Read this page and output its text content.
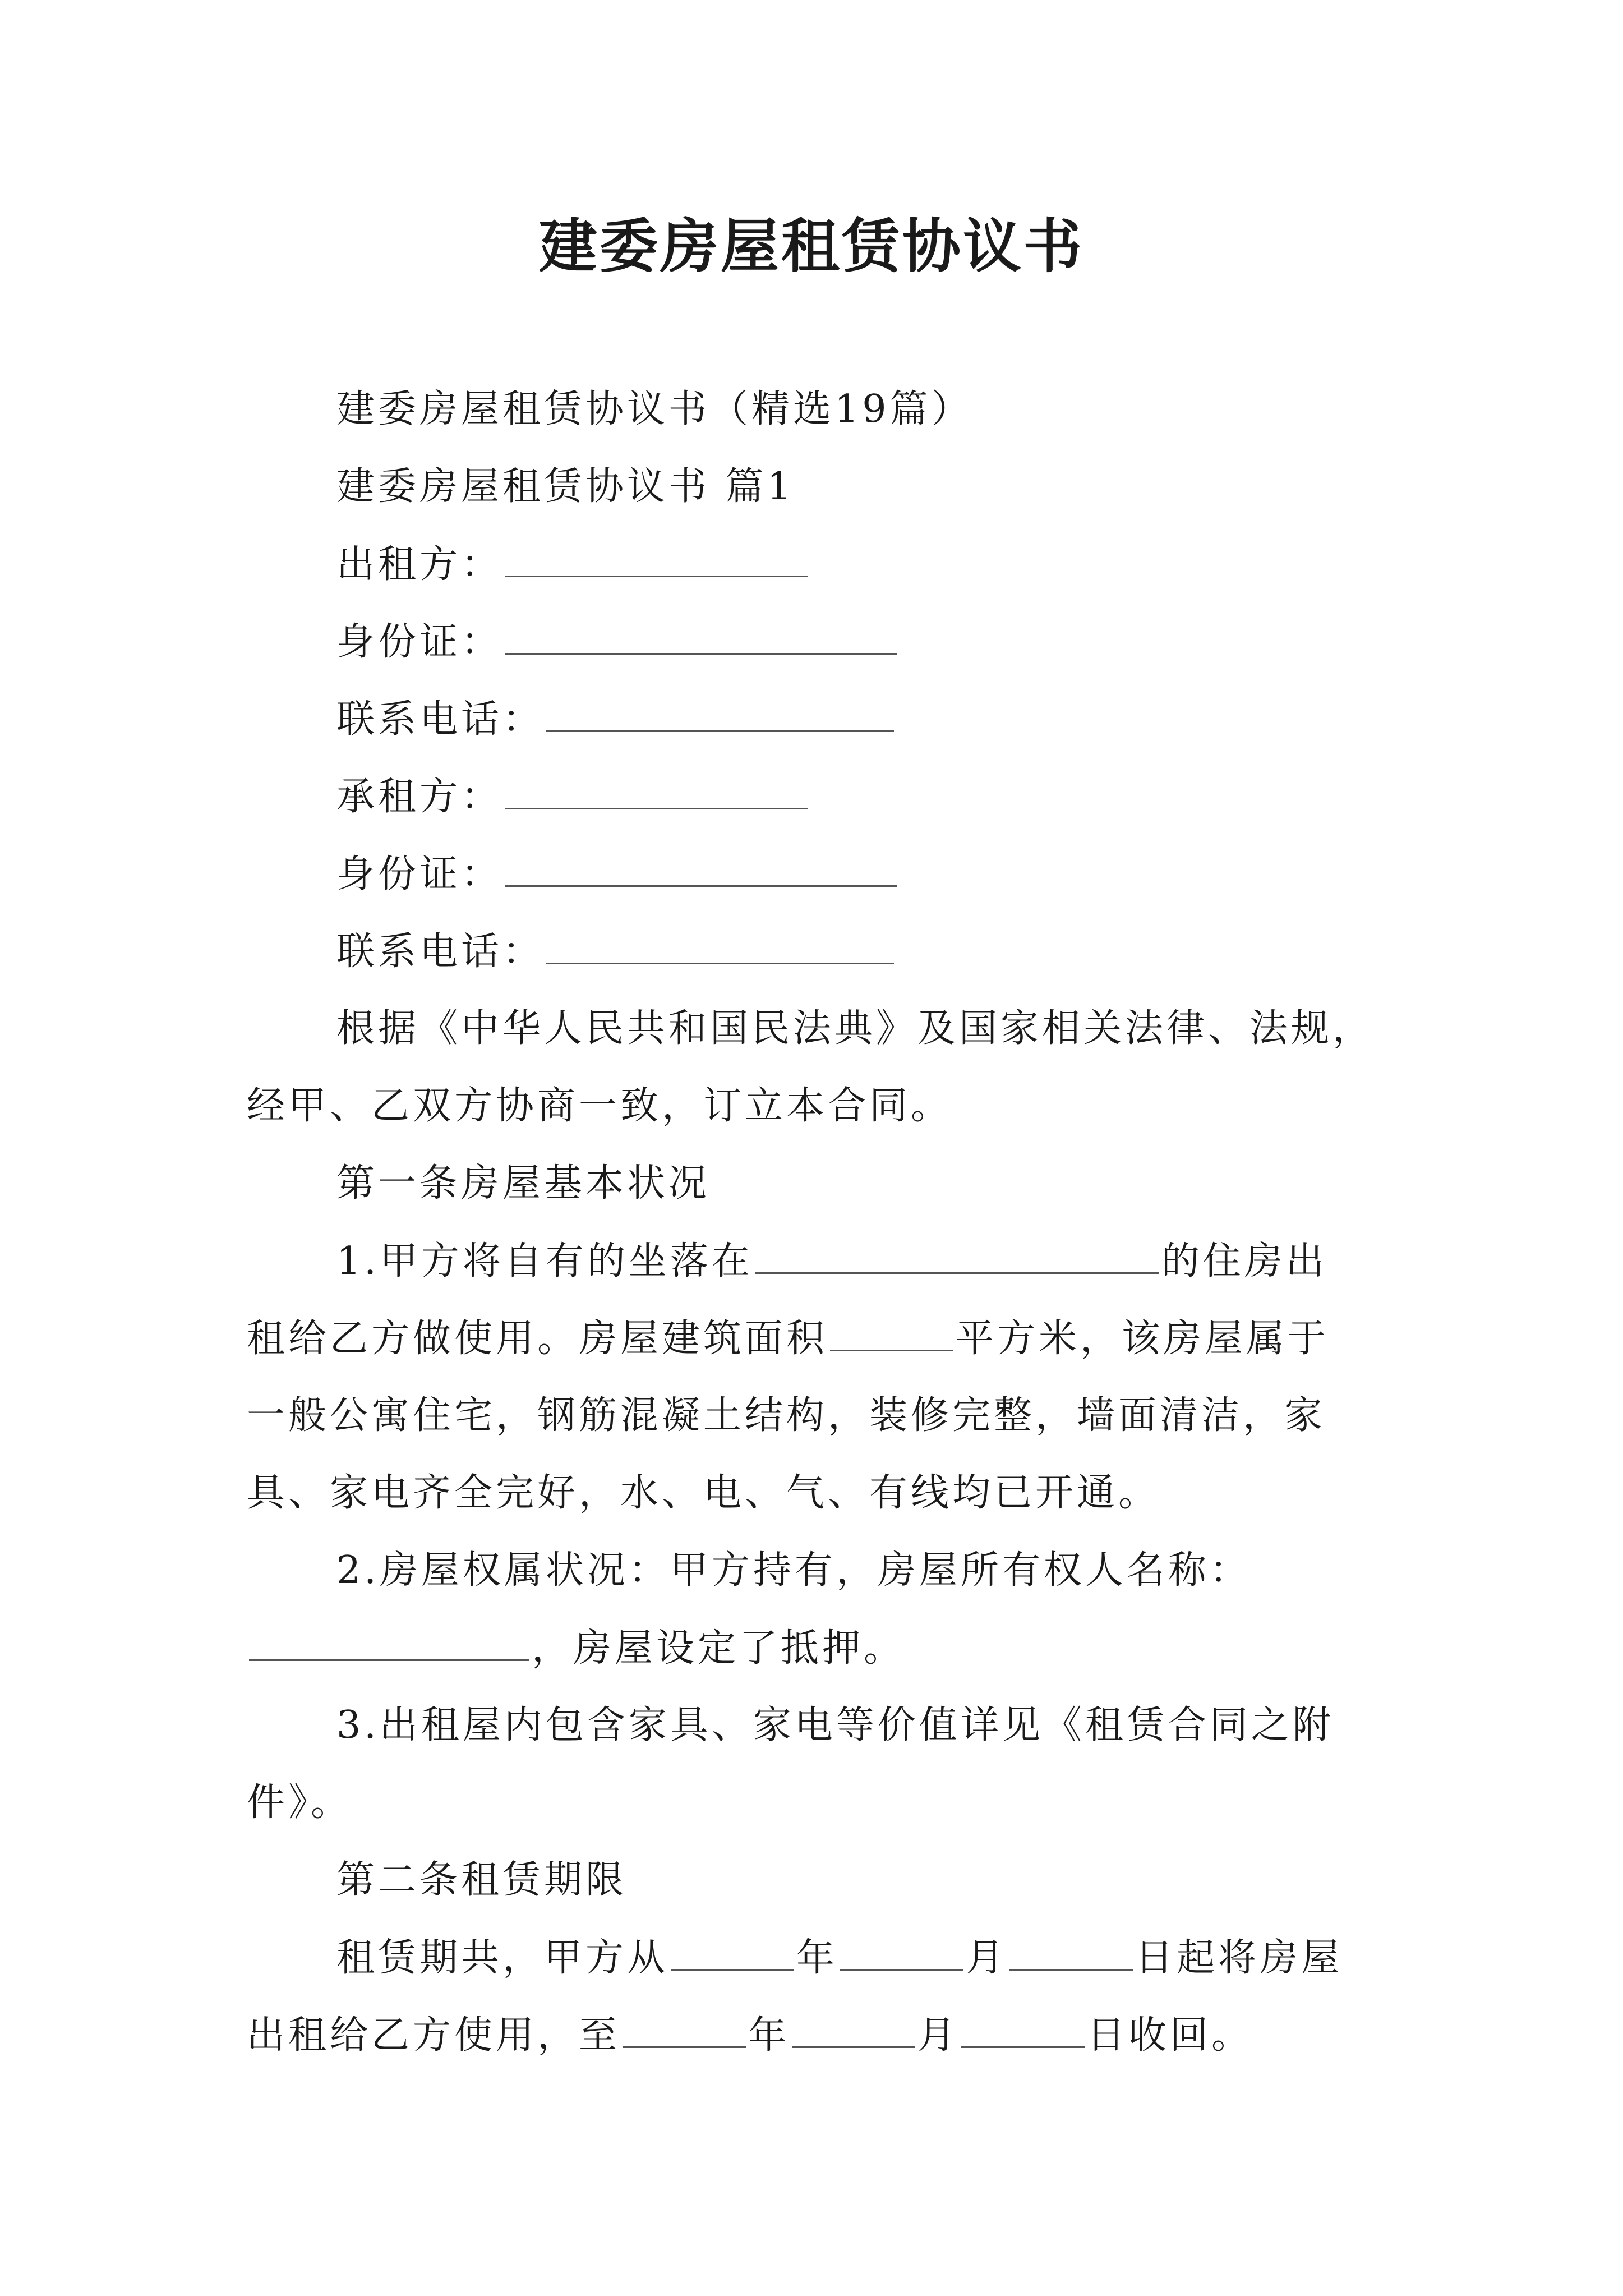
建委房屋租赁协议书
建委房屋租赁协议书（精选19篇）
建委房屋租赁协议书 篇1
出租方：
身份证：
联系电话：
承租方：
身份证：
联系电话：
根据《中华人民共和国民法典》及国家相关法律、法规，
经甲、乙双方协商一致，订立本合同。
第一条房屋基本状况
1.甲方将自有的坐落在	的住房出
租给乙方做使用。房屋建筑面积	平方米，该房屋属于
一般公寓住宅，钢筋混凝土结构，装修完整，墙面清洁，家
具、家电齐全完好，水、电、气、有线均已开通。
2.房屋权属状况：甲方持有，房屋所有权人名称：
，房屋设定了抵押。
3.出租屋内包含家具、家电等价值详见《租赁合同之附
件》。
第二条租赁期限
租赁期共，甲方从	年	月	日起将房屋
出租给乙方使用，至	年	月	日收回。
